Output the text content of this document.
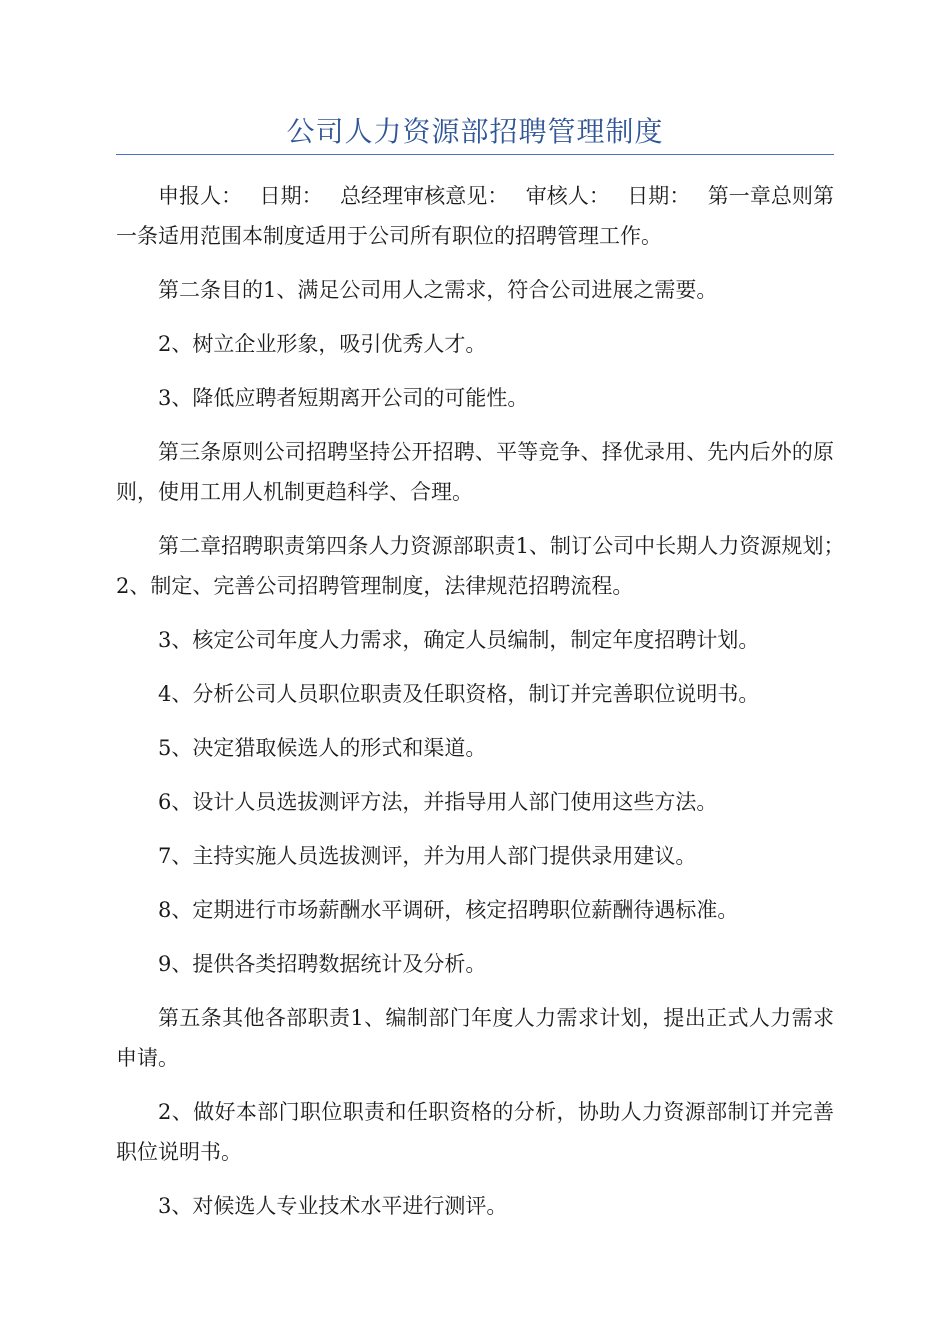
公司人力资源部招聘管理制度

申报人：　 日期：　 总经理审核意见：　 审核人：　 日期：　 第一章总则第一条适用范围本制度适用于公司所有职位的招聘管理工作。

第二条目的1、满足公司用人之需求，符合公司进展之需要。

2、树立企业形象，吸引优秀人才。

3、降低应聘者短期离开公司的可能性。

第三条原则公司招聘坚持公开招聘、平等竞争、择优录用、先内后外的原则，使用工用人机制更趋科学、合理。

第二章招聘职责第四条人力资源部职责1、制订公司中长期人力资源规划；　　2、制定、完善公司招聘管理制度，法律规范招聘流程。

3、核定公司年度人力需求，确定人员编制，制定年度招聘计划。

4、分析公司人员职位职责及任职资格，制订并完善职位说明书。

5、决定猎取候选人的形式和渠道。

6、设计人员选拔测评方法，并指导用人部门使用这些方法。

7、主持实施人员选拔测评，并为用人部门提供录用建议。

8、定期进行市场薪酬水平调研，核定招聘职位薪酬待遇标准。

9、提供各类招聘数据统计及分析。

第五条其他各部职责1、编制部门年度人力需求计划，提出正式人力需求申请。

2、做好本部门职位职责和任职资格的分析，协助人力资源部制订并完善职位说明书。

3、对候选人专业技术水平进行测评。
